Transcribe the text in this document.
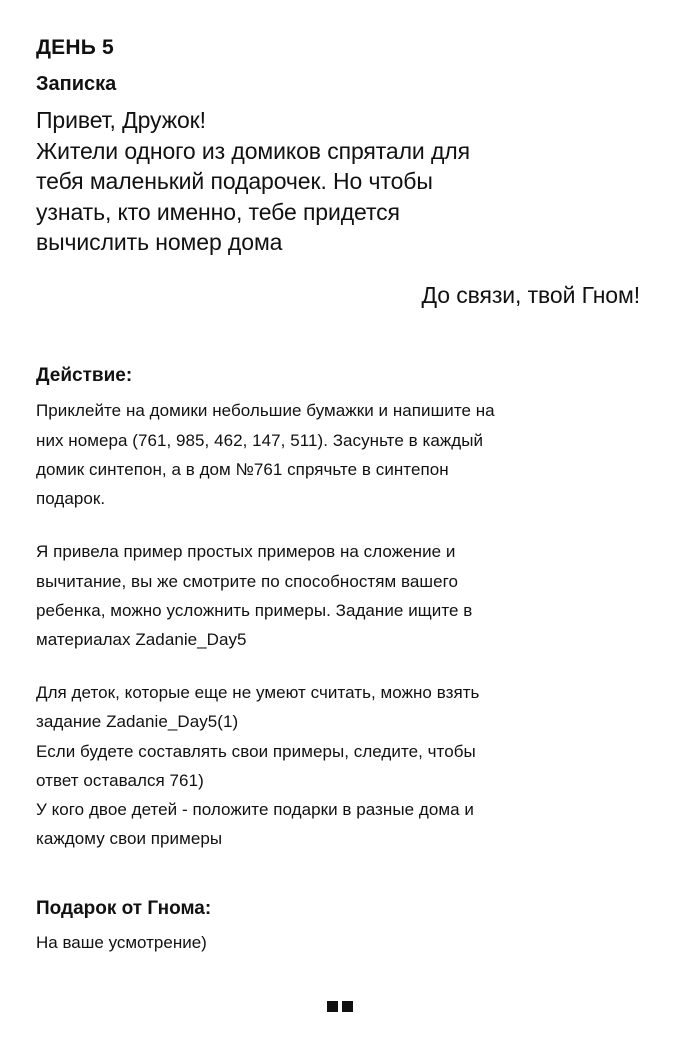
ДЕНЬ 5
Записка
Привет, Дружок!
Жители одного из домиков спрятали для
тебя маленький подарочек. Но чтобы
узнать, кто именно, тебе придется
вычислить номер дома
До связи, твой Гном!
Действие:

Приклейте на домики небольшие бумажки и напишите на
них номера (761, 985, 462, 147, 511). Засуньте в каждый
домик синтепон, а в дом №761 спрячьте в синтепон
подарок.

Я привела пример простых примеров на сложение и
вычитание, вы же смотрите по способностям вашего
ребенка, можно усложнить примеры. Задание ищите в
материалах Zadanie_Day5

Для деток, которые еще не умеют считать, можно взять
задание Zadanie_Day5(1)

Если будете составлять свои примеры, следите, чтобы
ответ оставался 761)

У кого двое детей - положите подарки в разные дома и
каждому свои примеры

Подарок от Гнома:

На ваше усмотрение)
